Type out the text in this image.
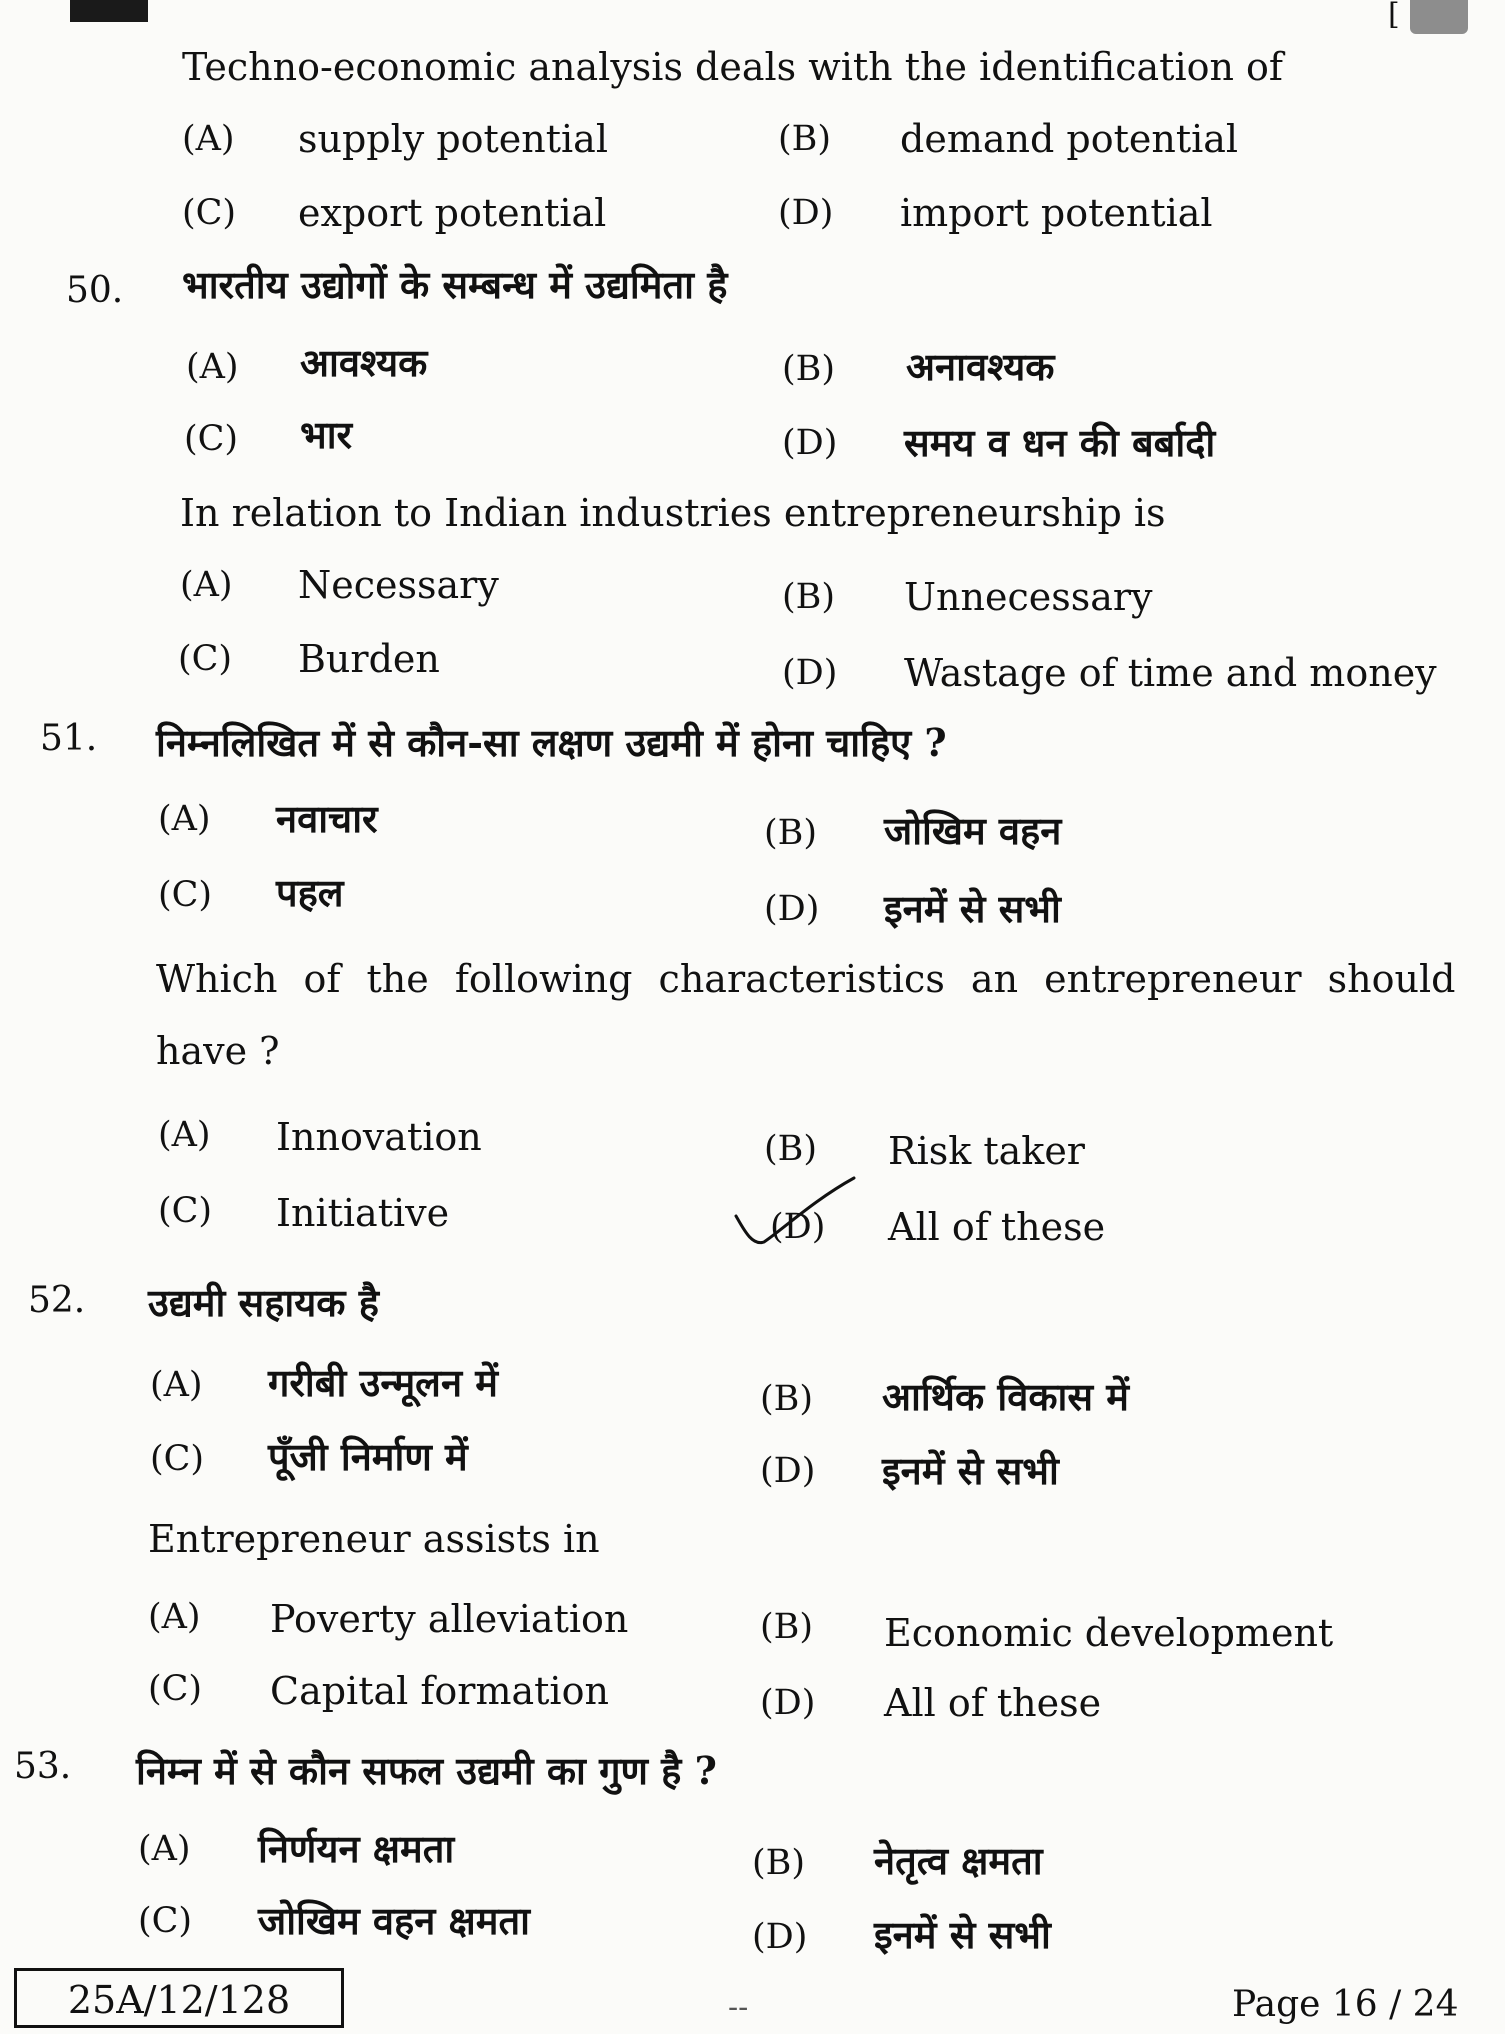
[
Techno-economic analysis deals with the identification of
(A) supply potential	(B) demand potential
(C) export potential	(D) import potential
50. भारतीय उद्योगों के सम्बन्ध में उद्यमिता है
(A) आवश्यक	(B) अनावश्यक
(C) भार	(D) समय व धन की बर्बादी
In relation to Indian industries entrepreneurship is
(A) Necessary	(B) Unnecessary
(C) Burden	(D) Wastage of time and money
51. निम्नलिखित में से कौन-सा लक्षण उद्यमी में होना चाहिए ?
(A) नवाचार	(B) जोखिम वहन
(C) पहल	(D) इनमें से सभी
Which of the following characteristics an entrepreneur should
have ?
(A) Innovation	(B) Risk taker
(C) Initiative	(D) All of these
52. उद्यमी सहायक है
(A) गरीबी उन्मूलन में	(B) आर्थिक विकास में
(C) पूँजी निर्माण में	(D) इनमें से सभी
Entrepreneur assists in
(A) Poverty alleviation	(B) Economic development
(C) Capital formation	(D) All of these
53. निम्न में से कौन सफल उद्यमी का गुण है ?
(A) निर्णयन क्षमता	(B) नेतृत्व क्षमता
(C) जोखिम वहन क्षमता	(D) इनमें से सभी
25A/12/128	--	Page 16 / 24
